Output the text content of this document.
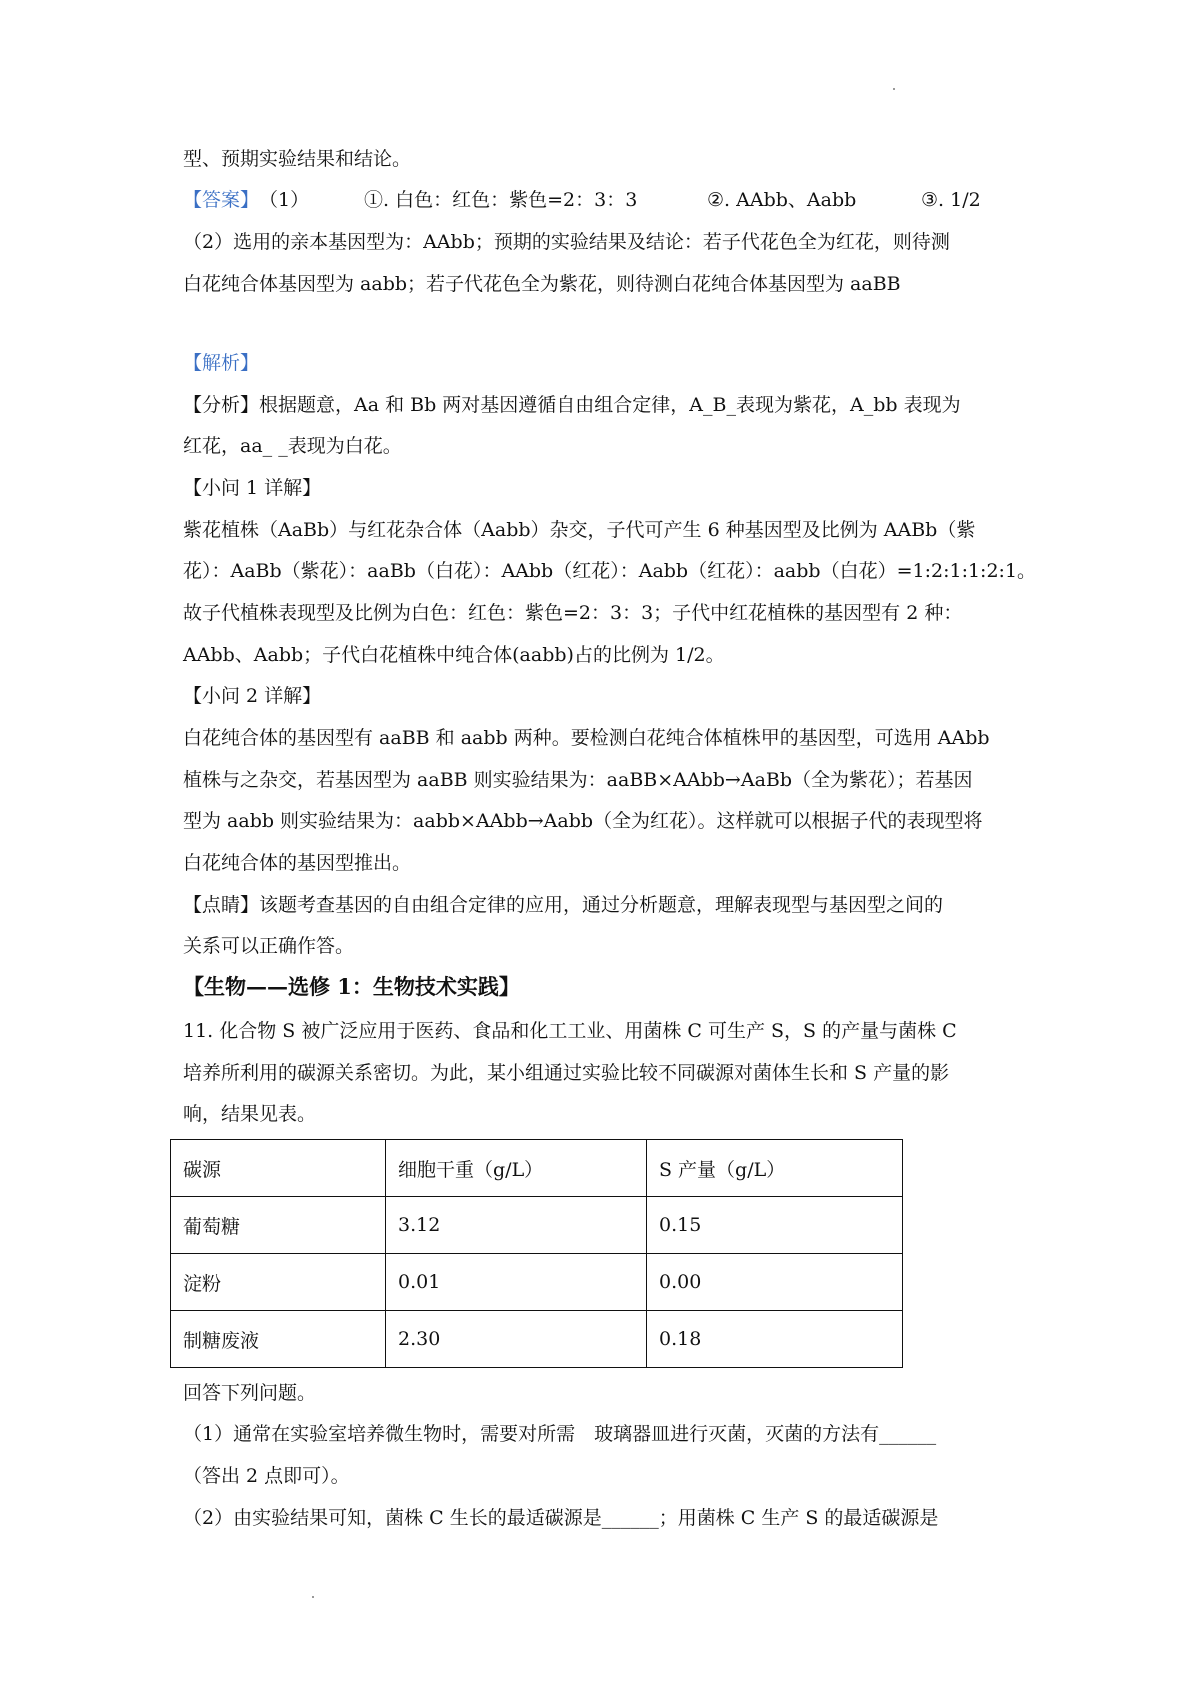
型、预期实验结果和结论。
【答案】（1）	①. 白色：红色：紫色=2：3：3	②. AAbb、Aabb	③. 1/2
（2）选用的亲本基因型为：AAbb；预期的实验结果及结论：若子代花色全为红花，则待测
白花纯合体基因型为 aabb；若子代花色全为紫花，则待测白花纯合体基因型为 aaBB
【解析】
【分析】根据题意，Aa 和 Bb 两对基因遵循自由组合定律，A_B_表现为紫花，A_bb 表现为
红花，aa_ _表现为白花。
【小问 1 详解】
紫花植株（AaBb）与红花杂合体（Aabb）杂交，子代可产生 6 种基因型及比例为 AABb（紫
花）：AaBb（紫花）：aaBb（白花）：AAbb（红花）：Aabb（红花）：aabb（白花）=1:2:1:1:2:1。
故子代植株表现型及比例为白色：红色：紫色=2：3：3；子代中红花植株的基因型有 2 种：
AAbb、Aabb；子代白花植株中纯合体(aabb)占的比例为 1/2。
【小问 2 详解】
白花纯合体的基因型有 aaBB 和 aabb 两种。要检测白花纯合体植株甲的基因型，可选用 AAbb
植株与之杂交，若基因型为 aaBB 则实验结果为：aaBB×AAbb→AaBb（全为紫花）；若基因
型为 aabb 则实验结果为：aabb×AAbb→Aabb（全为红花）。这样就可以根据子代的表现型将
白花纯合体的基因型推出。
【点睛】该题考查基因的自由组合定律的应用，通过分析题意，理解表现型与基因型之间的
关系可以正确作答。
【生物——选修 1：生物技术实践】
11. 化合物 S 被广泛应用于医药、食品和化工工业、用菌株 C 可生产 S，S 的产量与菌株 C
培养所利用的碳源关系密切。为此，某小组通过实验比较不同碳源对菌体生长和 S 产量的影
响，结果见表。
碳源	细胞干重（g/L）	S 产量（g/L）
葡萄糖	3.12	0.15
淀粉	0.01	0.00
制糖废液	2.30	0.18
回答下列问题。
（1）通常在实验室培养微生物时，需要对所需　玻璃器皿进行灭菌，灭菌的方法有______
（答出 2 点即可）。
（2）由实验结果可知，菌株 C 生长的最适碳源是______；用菌株 C 生产 S 的最适碳源是
